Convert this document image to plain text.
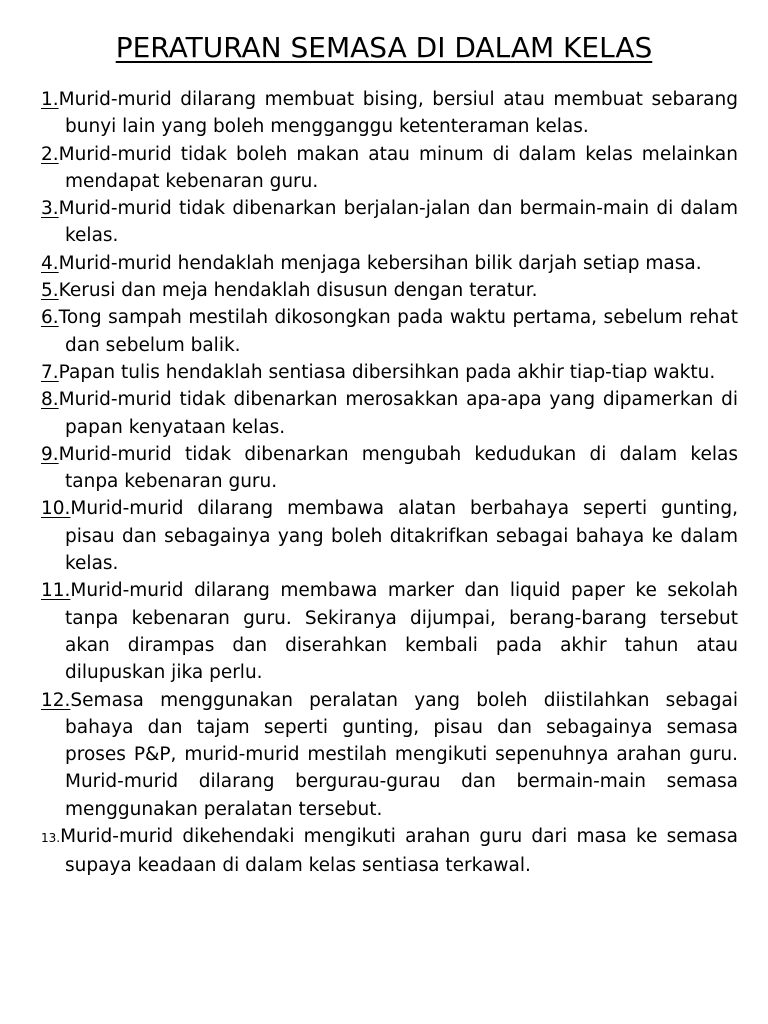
PERATURAN SEMASA DI DALAM KELAS
1.Murid-murid dilarang membuat bising, bersiul atau membuat sebarang bunyi lain yang boleh mengganggu ketenteraman kelas.
2.Murid-murid tidak boleh makan atau minum di dalam kelas melainkan mendapat kebenaran guru.
3.Murid-murid tidak dibenarkan berjalan-jalan dan bermain-main di dalam kelas.
4.Murid-murid hendaklah menjaga kebersihan bilik darjah setiap masa.
5.Kerusi dan meja hendaklah disusun dengan teratur.
6.Tong sampah mestilah dikosongkan pada waktu pertama, sebelum rehat dan sebelum balik.
7.Papan tulis hendaklah sentiasa dibersihkan pada akhir tiap-tiap waktu.
8.Murid-murid tidak dibenarkan merosakkan apa-apa yang dipamerkan di papan kenyataan kelas.
9.Murid-murid tidak dibenarkan mengubah kedudukan di dalam kelas tanpa kebenaran guru.
10.Murid-murid dilarang membawa alatan berbahaya seperti gunting, pisau dan sebagainya yang boleh ditakrifkan sebagai bahaya ke dalam kelas.
11.Murid-murid dilarang membawa marker dan liquid paper ke sekolah tanpa kebenaran guru. Sekiranya dijumpai, berang-barang tersebut akan dirampas dan diserahkan kembali pada akhir tahun atau dilupuskan jika perlu.
12.Semasa menggunakan peralatan yang boleh diistilahkan sebagai bahaya dan tajam seperti gunting, pisau dan sebagainya semasa proses P&P, murid-murid mestilah mengikuti sepenuhnya arahan guru. Murid-murid dilarang bergurau-gurau dan bermain-main semasa menggunakan peralatan tersebut.
13.Murid-murid dikehendaki mengikuti arahan guru dari masa ke semasa supaya keadaan di dalam kelas sentiasa terkawal.
